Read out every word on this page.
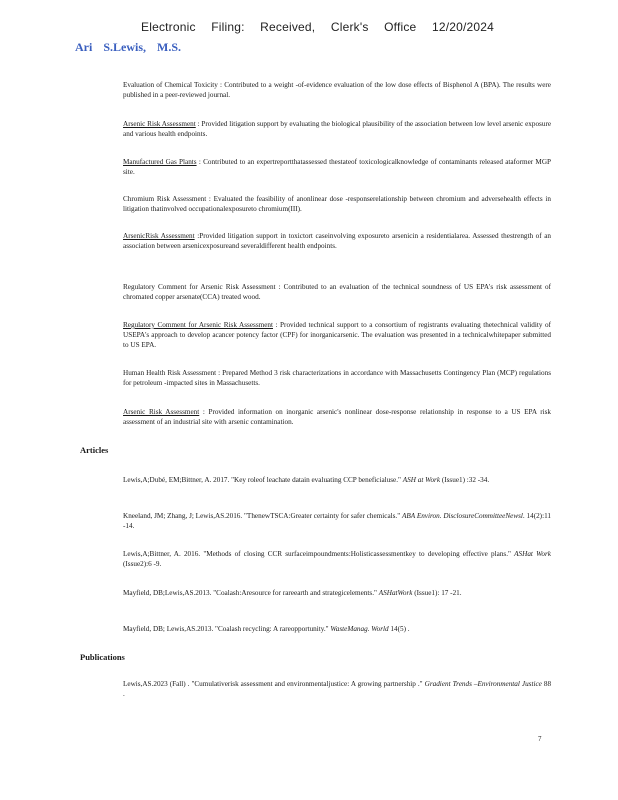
Electronic Filing: Received, Clerk's Office 12/20/2024
Ari S.Lewis, M.S.

Evaluation of Chemical Toxicity : Contributed to a weight -of-evidence evaluation of the low dose effects of Bisphenol A (BPA). The results were published in a peer-reviewed journal.

Arsenic Risk Assessment : Provided litigation support by evaluating the biological plausibility of the association between low level arsenic exposure and various health endpoints.

Manufactured Gas Plants : Contributed to an expertreportthatassessed thestateof toxicologicalknowledge of contaminants released ataformer MGP site.

Chromium Risk Assessment : Evaluated the feasibility of anonlinear dose -responserelationship between chromium and adversehealth effects in litigation thatinvolved occupationalexposureto chromium(III).

ArsenicRisk Assessment :Provided litigation support in toxictort caseinvolving exposureto arsenicin a residentialarea. Assessed thestrength of an association between arsenicexposureand severaldifferent health endpoints.

Regulatory Comment for Arsenic Risk Assessment : Contributed to an evaluation of the technical soundness of US EPA's risk assessment of chromated copper arsenate(CCA) treated wood.

Regulatory Comment for Arsenic Risk Assessment : Provided technical support to a consortium of registrants evaluating thetechnical validity of USEPA's approach to develop acancer potency factor (CPF) for inorganicarsenic. The evaluation was presented in a technicalwhitepaper submitted to US EPA.

Human Health Risk Assessment : Prepared Method 3 risk characterizations in accordance with Massachusetts Contingency Plan (MCP) regulations for petroleum -impacted sites in Massachusetts.

Arsenic Risk Assessment : Provided information on inorganic arsenic's nonlinear dose-response relationship in response to a US EPA risk assessment of an industrial site with arsenic contamination.

Articles

Lewis,A;Dubé, EM;Bittner, A. 2017. "Key roleof leachate datain evaluating CCP beneficialuse." ASH at Work (Issue1) :32 -34.

Kneeland, JM; Zhang, J; Lewis,AS.2016. "ThenewTSCA:Greater certainty for safer chemicals." ABA Environ. DisclosureCommitteeNewsl. 14(2):11 -14.

Lewis,A;Bittner, A. 2016. "Methods of closing CCR surfaceimpoundments:Holisticassessmentkey to developing effective plans." ASHat Work (Issue2):6 -9.

Mayfield, DB;Lewis,AS.2013. "Coalash:Aresource for rareearth and strategicelements." ASHatWork (Issue1): 17 -21.

Mayfield, DB; Lewis,AS.2013. "Coalash recycling: A rareopportunity." WasteManag. World 14(5) .

Publications

Lewis,AS.2023 (Fall) . "Cumulativerisk assessment and environmentaljustice: A growing partnership ." Gradient Trends –Environmental Justice 88 .

7
